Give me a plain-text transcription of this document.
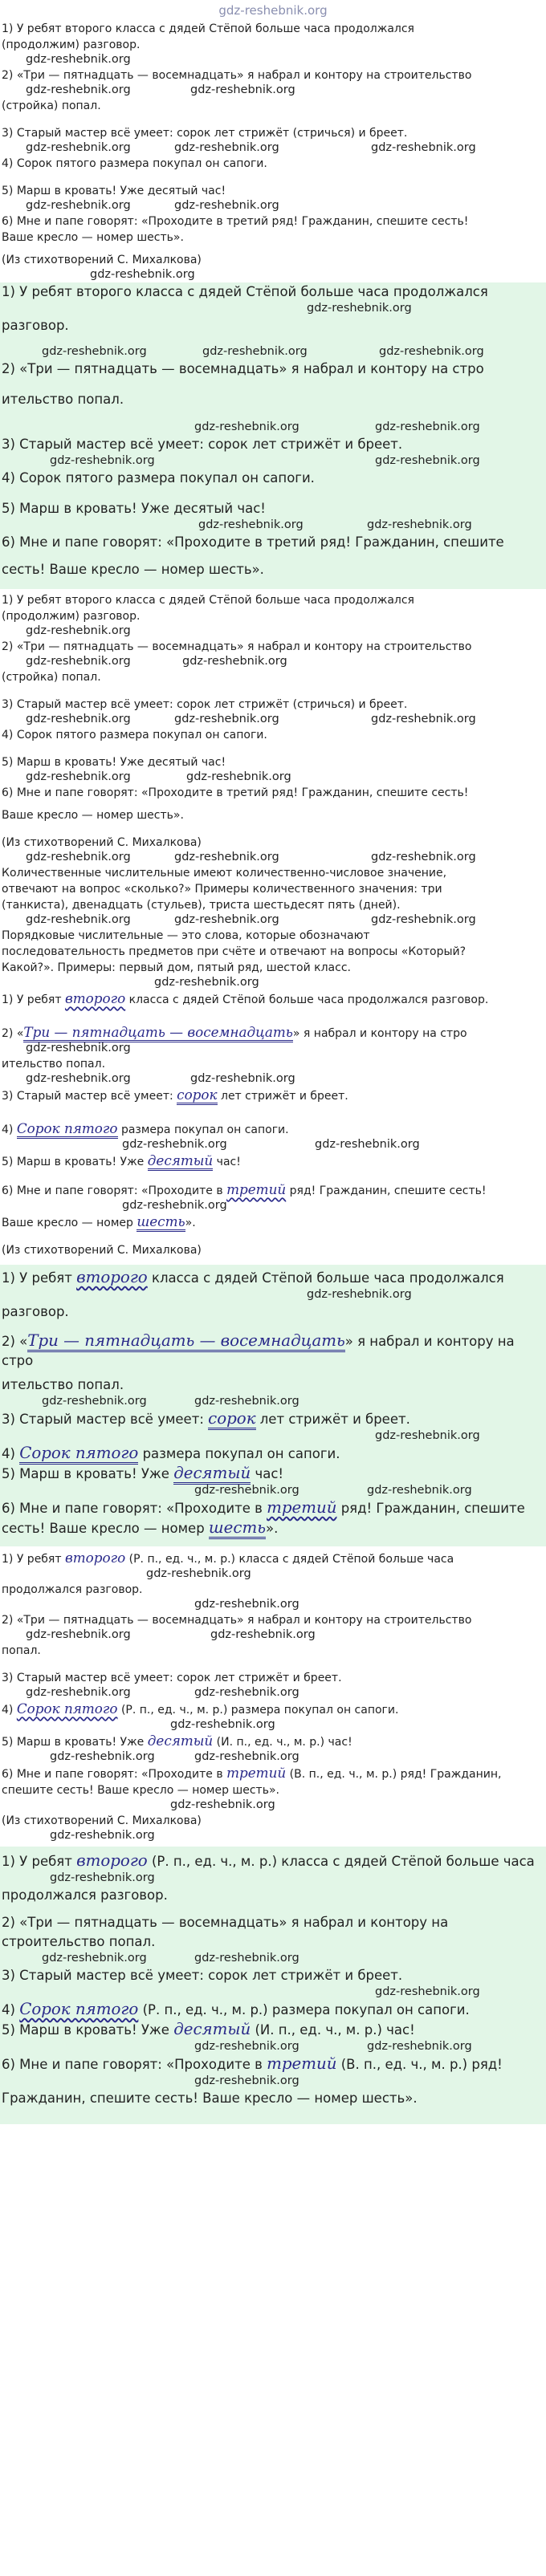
gdz-reshebnik.org

1) У ребят второго класса с дядей Стёпой больше часа продолжался

(продолжим) разговор.

gdz-reshebnik.org

2) «Три — пятнадцать — восемнадцать» я набрал и контору на строительство

gdz-reshebnik.org	gdz-reshebnik.org

(стройка) попал.

3) Старый мастер всё умеет: сорок лет стрижёт (стричься) и бреет.

gdz-reshebnik.org	gdz-reshebnik.org	gdz-reshebnik.org

4) Сорок пятого размера покупал он сапоги.

5) Марш в кровать! Уже десятый час!

gdz-reshebnik.org	gdz-reshebnik.org

6) Мне и папе говорят: «Проходите в третий ряд! Гражданин, спешите сесть!

Ваше кресло — номер шесть».

(Из стихотворений С. Михалкова)

gdz-reshebnik.org

1) У ребят второго класса с дядей Стёпой больше часа продолжался

gdz-reshebnik.org

разговор.

gdz-reshebnik.org	gdz-reshebnik.org	gdz-reshebnik.org

2) «Три — пятнадцать — восемнадцать» я набрал и контору на стро

ительство попал.

gdz-reshebnik.org	gdz-reshebnik.org

3) Старый мастер всё умеет: сорок лет стрижёт и бреет.

gdz-reshebnik.org	gdz-reshebnik.org

4) Сорок пятого размера покупал он сапоги.

5) Марш в кровать! Уже десятый час!

gdz-reshebnik.org	gdz-reshebnik.org

6) Мне и папе говорят: «Проходите в третий ряд! Гражданин, спешите

сесть! Ваше кресло — номер шесть».

1) У ребят второго класса с дядей Стёпой больше часа продолжался

(продолжим) разговор.

gdz-reshebnik.org

2) «Три — пятнадцать — восемнадцать» я набрал и контору на строительство

gdz-reshebnik.org	gdz-reshebnik.org

(стройка) попал.

3) Старый мастер всё умеет: сорок лет стрижёт (стричься) и бреет.

gdz-reshebnik.org	gdz-reshebnik.org	gdz-reshebnik.org

4) Сорок пятого размера покупал он сапоги.

5) Марш в кровать! Уже десятый час!

gdz-reshebnik.org	gdz-reshebnik.org

6) Мне и папе говорят: «Проходите в третий ряд! Гражданин, спешите сесть!

Ваше кресло — номер шесть».

(Из стихотворений С. Михалкова)

gdz-reshebnik.org	gdz-reshebnik.org	gdz-reshebnik.org

Количественные числительные имеют количественно-числовое значение,

отвечают на вопрос «сколько?» Примеры количественного значения: три

(танкиста), двенадцать (стульев), триста шестьдесят пять (дней).

gdz-reshebnik.org	gdz-reshebnik.org	gdz-reshebnik.org

Порядковые числительные — это слова, которые обозначают

последовательность предметов при счёте и отвечают на вопросы «Который?

Какой?». Примеры: первый дом, пятый ряд, шестой класс.

gdz-reshebnik.org

1) У ребят второго класса с дядей Стёпой больше часа продолжался разговор.

2) «Три — пятнадцать — восемнадцать» я набрал и контору на стро

gdz-reshebnik.org

ительство попал.

gdz-reshebnik.org	gdz-reshebnik.org

3) Старый мастер всё умеет: сорок лет стрижёт и бреет.

4) Сорок пятого размера покупал он сапоги.

gdz-reshebnik.org	gdz-reshebnik.org

5) Марш в кровать! Уже десятый час!

6) Мне и папе говорят: «Проходите в третий ряд! Гражданин, спешите сесть!

gdz-reshebnik.org

Ваше кресло — номер шесть».

(Из стихотворений С. Михалкова)

1) У ребят второго класса с дядей Стёпой больше часа продолжался

gdz-reshebnik.org

разговор.

2) «Три — пятнадцать — восемнадцать» я набрал и контору на стро

ительство попал.

gdz-reshebnik.org	gdz-reshebnik.org

3) Старый мастер всё умеет: сорок лет стрижёт и бреет.

gdz-reshebnik.org

4) Сорок пятого размера покупал он сапоги.

5) Марш в кровать! Уже десятый час!

gdz-reshebnik.org	gdz-reshebnik.org

6) Мне и папе говорят: «Проходите в третий ряд! Гражданин, спешите

сесть! Ваше кресло — номер шесть».

1) У ребят второго (Р. п., ед. ч., м. р.) класса с дядей Стёпой больше часа

gdz-reshebnik.org

продолжался разговор.

gdz-reshebnik.org

2) «Три — пятнадцать — восемнадцать» я набрал и контору на строительство

gdz-reshebnik.org	gdz-reshebnik.org

попал.

3) Старый мастер всё умеет: сорок лет стрижёт и бреет.

gdz-reshebnik.org	gdz-reshebnik.org

4) Сорок пятого (Р. п., ед. ч., м. р.) размера покупал он сапоги.

gdz-reshebnik.org

5) Марш в кровать! Уже десятый (И. п., ед. ч., м. р.) час!

gdz-reshebnik.org	gdz-reshebnik.org

6) Мне и папе говорят: «Проходите в третий (В. п., ед. ч., м. р.) ряд! Гражданин,

спешите сесть! Ваше кресло — номер шесть».

gdz-reshebnik.org

(Из стихотворений С. Михалкова)

gdz-reshebnik.org

1) У ребят второго (Р. п., ед. ч., м. р.) класса с дядей Стёпой больше часа

gdz-reshebnik.org

продолжался разговор.

2) «Три — пятнадцать — восемнадцать» я набрал и контору на

строительство попал.

gdz-reshebnik.org	gdz-reshebnik.org

3) Старый мастер всё умеет: сорок лет стрижёт и бреет.

gdz-reshebnik.org

4) Сорок пятого (Р. п., ед. ч., м. р.) размера покупал он сапоги.

5) Марш в кровать! Уже десятый (И. п., ед. ч., м. р.) час!

gdz-reshebnik.org	gdz-reshebnik.org

6) Мне и папе говорят: «Проходите в третий (В. п., ед. ч., м. р.) ряд!

gdz-reshebnik.org

Гражданин, спешите сесть! Ваше кресло — номер шесть».
